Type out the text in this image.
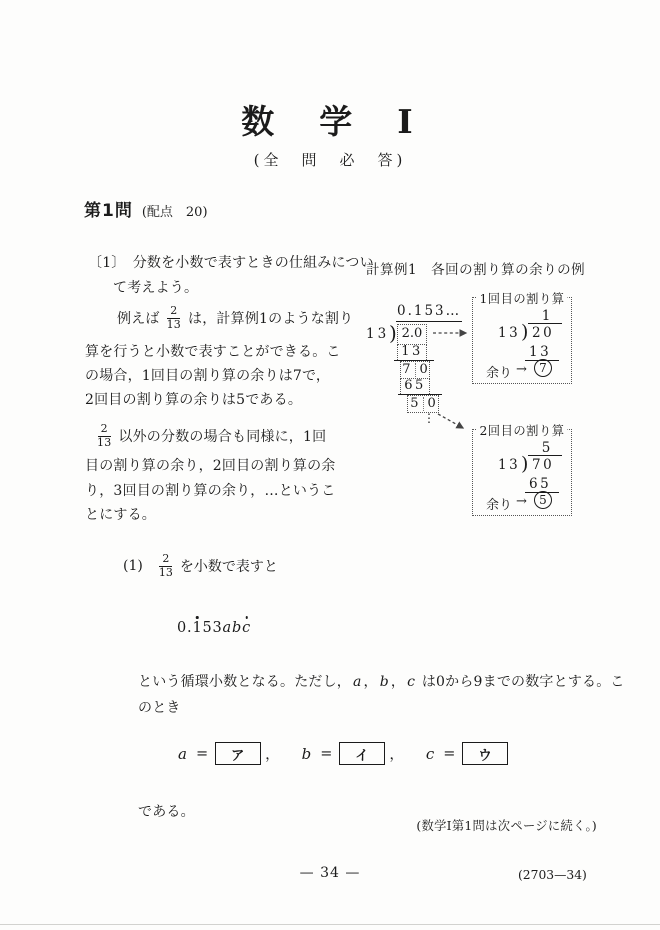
数　学　I
(全　問　必　答)
第1問 (配点　20)
〔1〕　分数を小数で表すときの仕組みについ
て考えよう。
例えば $\frac{2}{13}$ は，計算例1のような割り
算を行うと小数で表すことができる。こ
の場合，1回目の割り算の余りは7で，
2回目の割り算の余りは5である。
$\frac{2}{13}$ 以外の分数の場合も同様に，1回
目の割り算の余り，2回目の割り算の余
り，3回目の割り算の余り，…というこ
とにする。
計算例1 各回の割り算の余りの例
0.153…
13 ) 2.0
13
7 0
65
5 0
⋮
1回目の割り算
1
13 ) 20
13
余り →	7
2回目の割り算
5
13 ) 70
65
余り →	5
$(1) \frac{2}{13}$ を小数で表すと
0.153abc
という循環小数となる。ただし， a ， b ， c は0から9までの数字とする。こ
のとき
a =	ア	， b =	イ	， c =	ウ
である。
(数学I第1問は次ページに続く。)
— 34 —	(2703—34)
